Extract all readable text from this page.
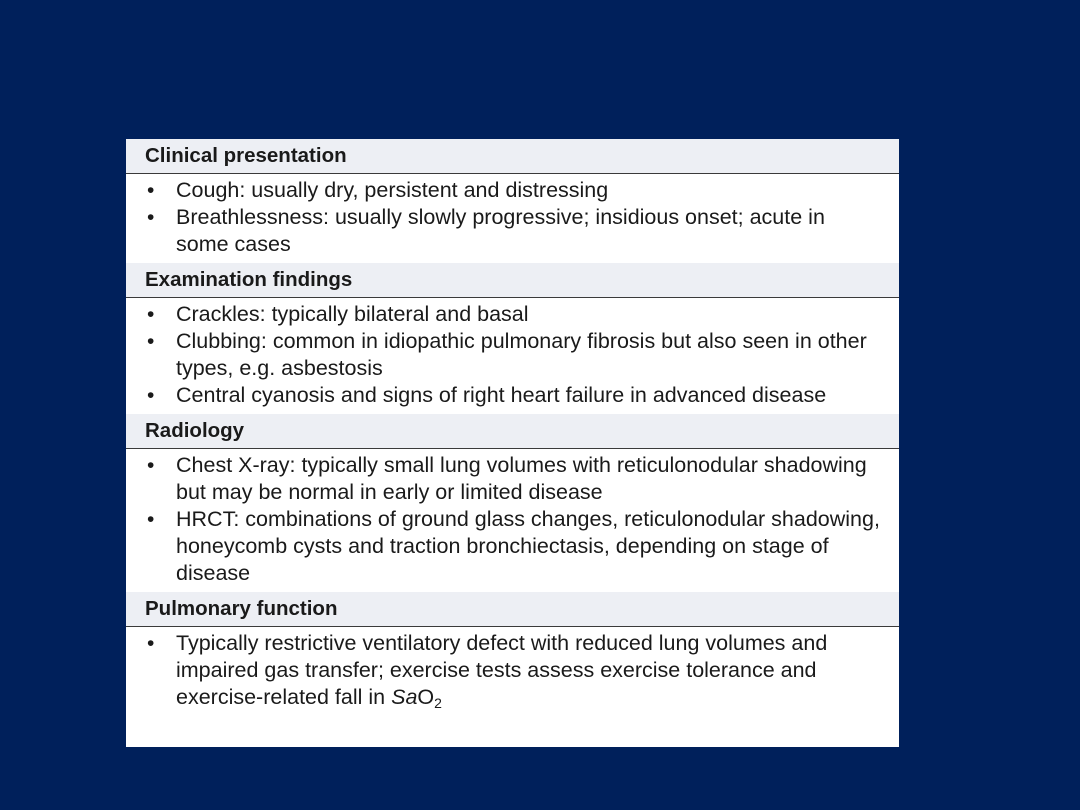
Clinical presentation
• Cough: usually dry, persistent and distressing
• Breathlessness: usually slowly progressive; insidious onset; acute in some cases
Examination findings
• Crackles: typically bilateral and basal
• Clubbing: common in idiopathic pulmonary fibrosis but also seen in other types, e.g. asbestosis
• Central cyanosis and signs of right heart failure in advanced disease
Radiology
• Chest X-ray: typically small lung volumes with reticulonodular shadowing but may be normal in early or limited disease
• HRCT: combinations of ground glass changes, reticulonodular shadowing, honeycomb cysts and traction bronchiectasis, depending on stage of disease
Pulmonary function
• Typically restrictive ventilatory defect with reduced lung volumes and impaired gas transfer; exercise tests assess exercise tolerance and exercise-related fall in SaO$_2$
